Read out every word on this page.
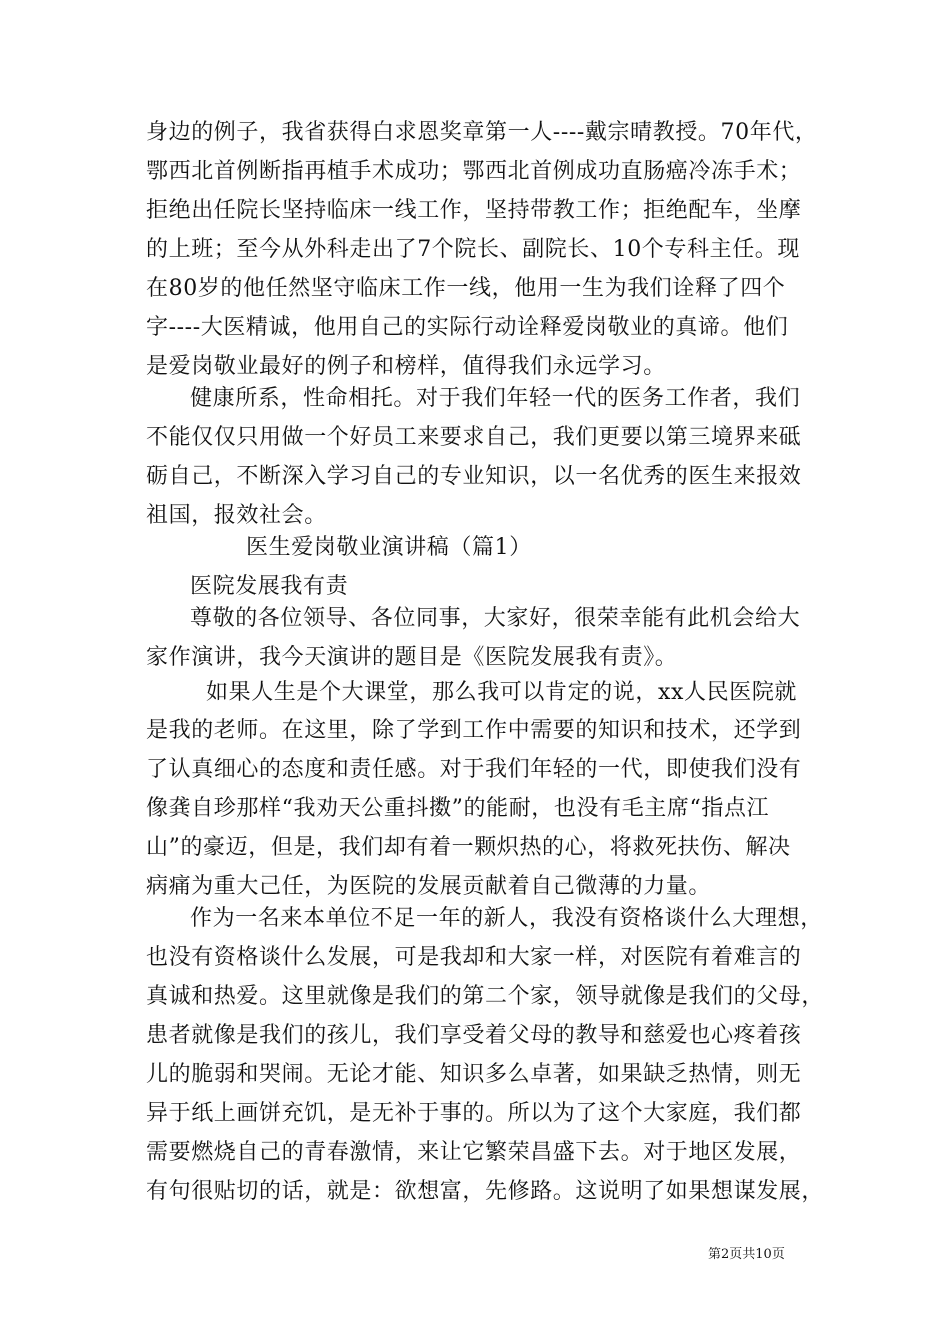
身边的例子，我省获得白求恩奖章第一人----戴宗晴教授。70年代，
鄂西北首例断指再植手术成功；鄂西北首例成功直肠癌冷冻手术；
拒绝出任院长坚持临床一线工作，坚持带教工作；拒绝配车，坐摩
的上班；至今从外科走出了7个院长、副院长、10个专科主任。现
在80岁的他任然坚守临床工作一线，他用一生为我们诠释了四个
字----大医精诚，他用自己的实际行动诠释爱岗敬业的真谛。他们
是爱岗敬业最好的例子和榜样，值得我们永远学习。
健康所系，性命相托。对于我们年轻一代的医务工作者，我们
不能仅仅只用做一个好员工来要求自己，我们更要以第三境界来砥
砺自己，不断深入学习自己的专业知识，以一名优秀的医生来报效
祖国，报效社会。
医生爱岗敬业演讲稿（篇1）
医院发展我有责
尊敬的各位领导、各位同事，大家好，很荣幸能有此机会给大
家作演讲，我今天演讲的题目是《医院发展我有责》。
如果人生是个大课堂，那么我可以肯定的说，xx人民医院就
是我的老师。在这里，除了学到工作中需要的知识和技术，还学到
了认真细心的态度和责任感。对于我们年轻的一代，即使我们没有
像龚自珍那样“我劝天公重抖擞”的能耐，也没有毛主席“指点江
山”的豪迈，但是，我们却有着一颗炽热的心，将救死扶伤、解决
病痛为重大己任，为医院的发展贡献着自己微薄的力量。
作为一名来本单位不足一年的新人，我没有资格谈什么大理想，
也没有资格谈什么发展，可是我却和大家一样，对医院有着难言的
真诚和热爱。这里就像是我们的第二个家，领导就像是我们的父母，
患者就像是我们的孩儿，我们享受着父母的教导和慈爱也心疼着孩
儿的脆弱和哭闹。无论才能、知识多么卓著，如果缺乏热情，则无
异于纸上画饼充饥，是无补于事的。所以为了这个大家庭，我们都
需要燃烧自己的青春激情，来让它繁荣昌盛下去。对于地区发展，
有句很贴切的话，就是：欲想富，先修路。这说明了如果想谋发展，
第2页共10页
